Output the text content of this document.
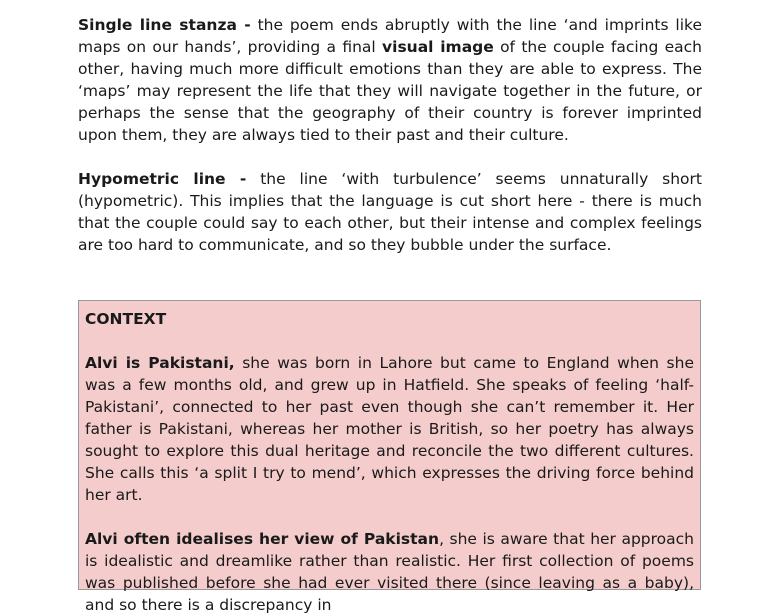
Single line stanza - the poem ends abruptly with the line ‘and imprints like maps on our hands’, providing a final visual image of the couple facing each other, having much more difficult emotions than they are able to express. The ‘maps’ may represent the life that they will navigate together in the future, or perhaps the sense that the geography of their country is forever imprinted upon them, they are always tied to their past and their culture.

Hypometric line - the line ‘with turbulence’ seems unnaturally short (hypometric). This implies that the language is cut short here - there is much that the couple could say to each other, but their intense and complex feelings are too hard to communicate, and so they bubble under the surface.

CONTEXT

Alvi is Pakistani, she was born in Lahore but came to England when she was a few months old, and grew up in Hatfield. She speaks of feeling ‘half-Pakistani’, connected to her past even though she can’t remember it. Her father is Pakistani, whereas her mother is British, so her poetry has always sought to explore this dual heritage and reconcile the two different cultures. She calls this ‘a split I try to mend’, which expresses the driving force behind her art.

Alvi often idealises her view of Pakistan, she is aware that her approach is idealistic and dreamlike rather than realistic. Her first collection of poems was published before she had ever visited there (since leaving as a baby), and so there is a discrepancy in
